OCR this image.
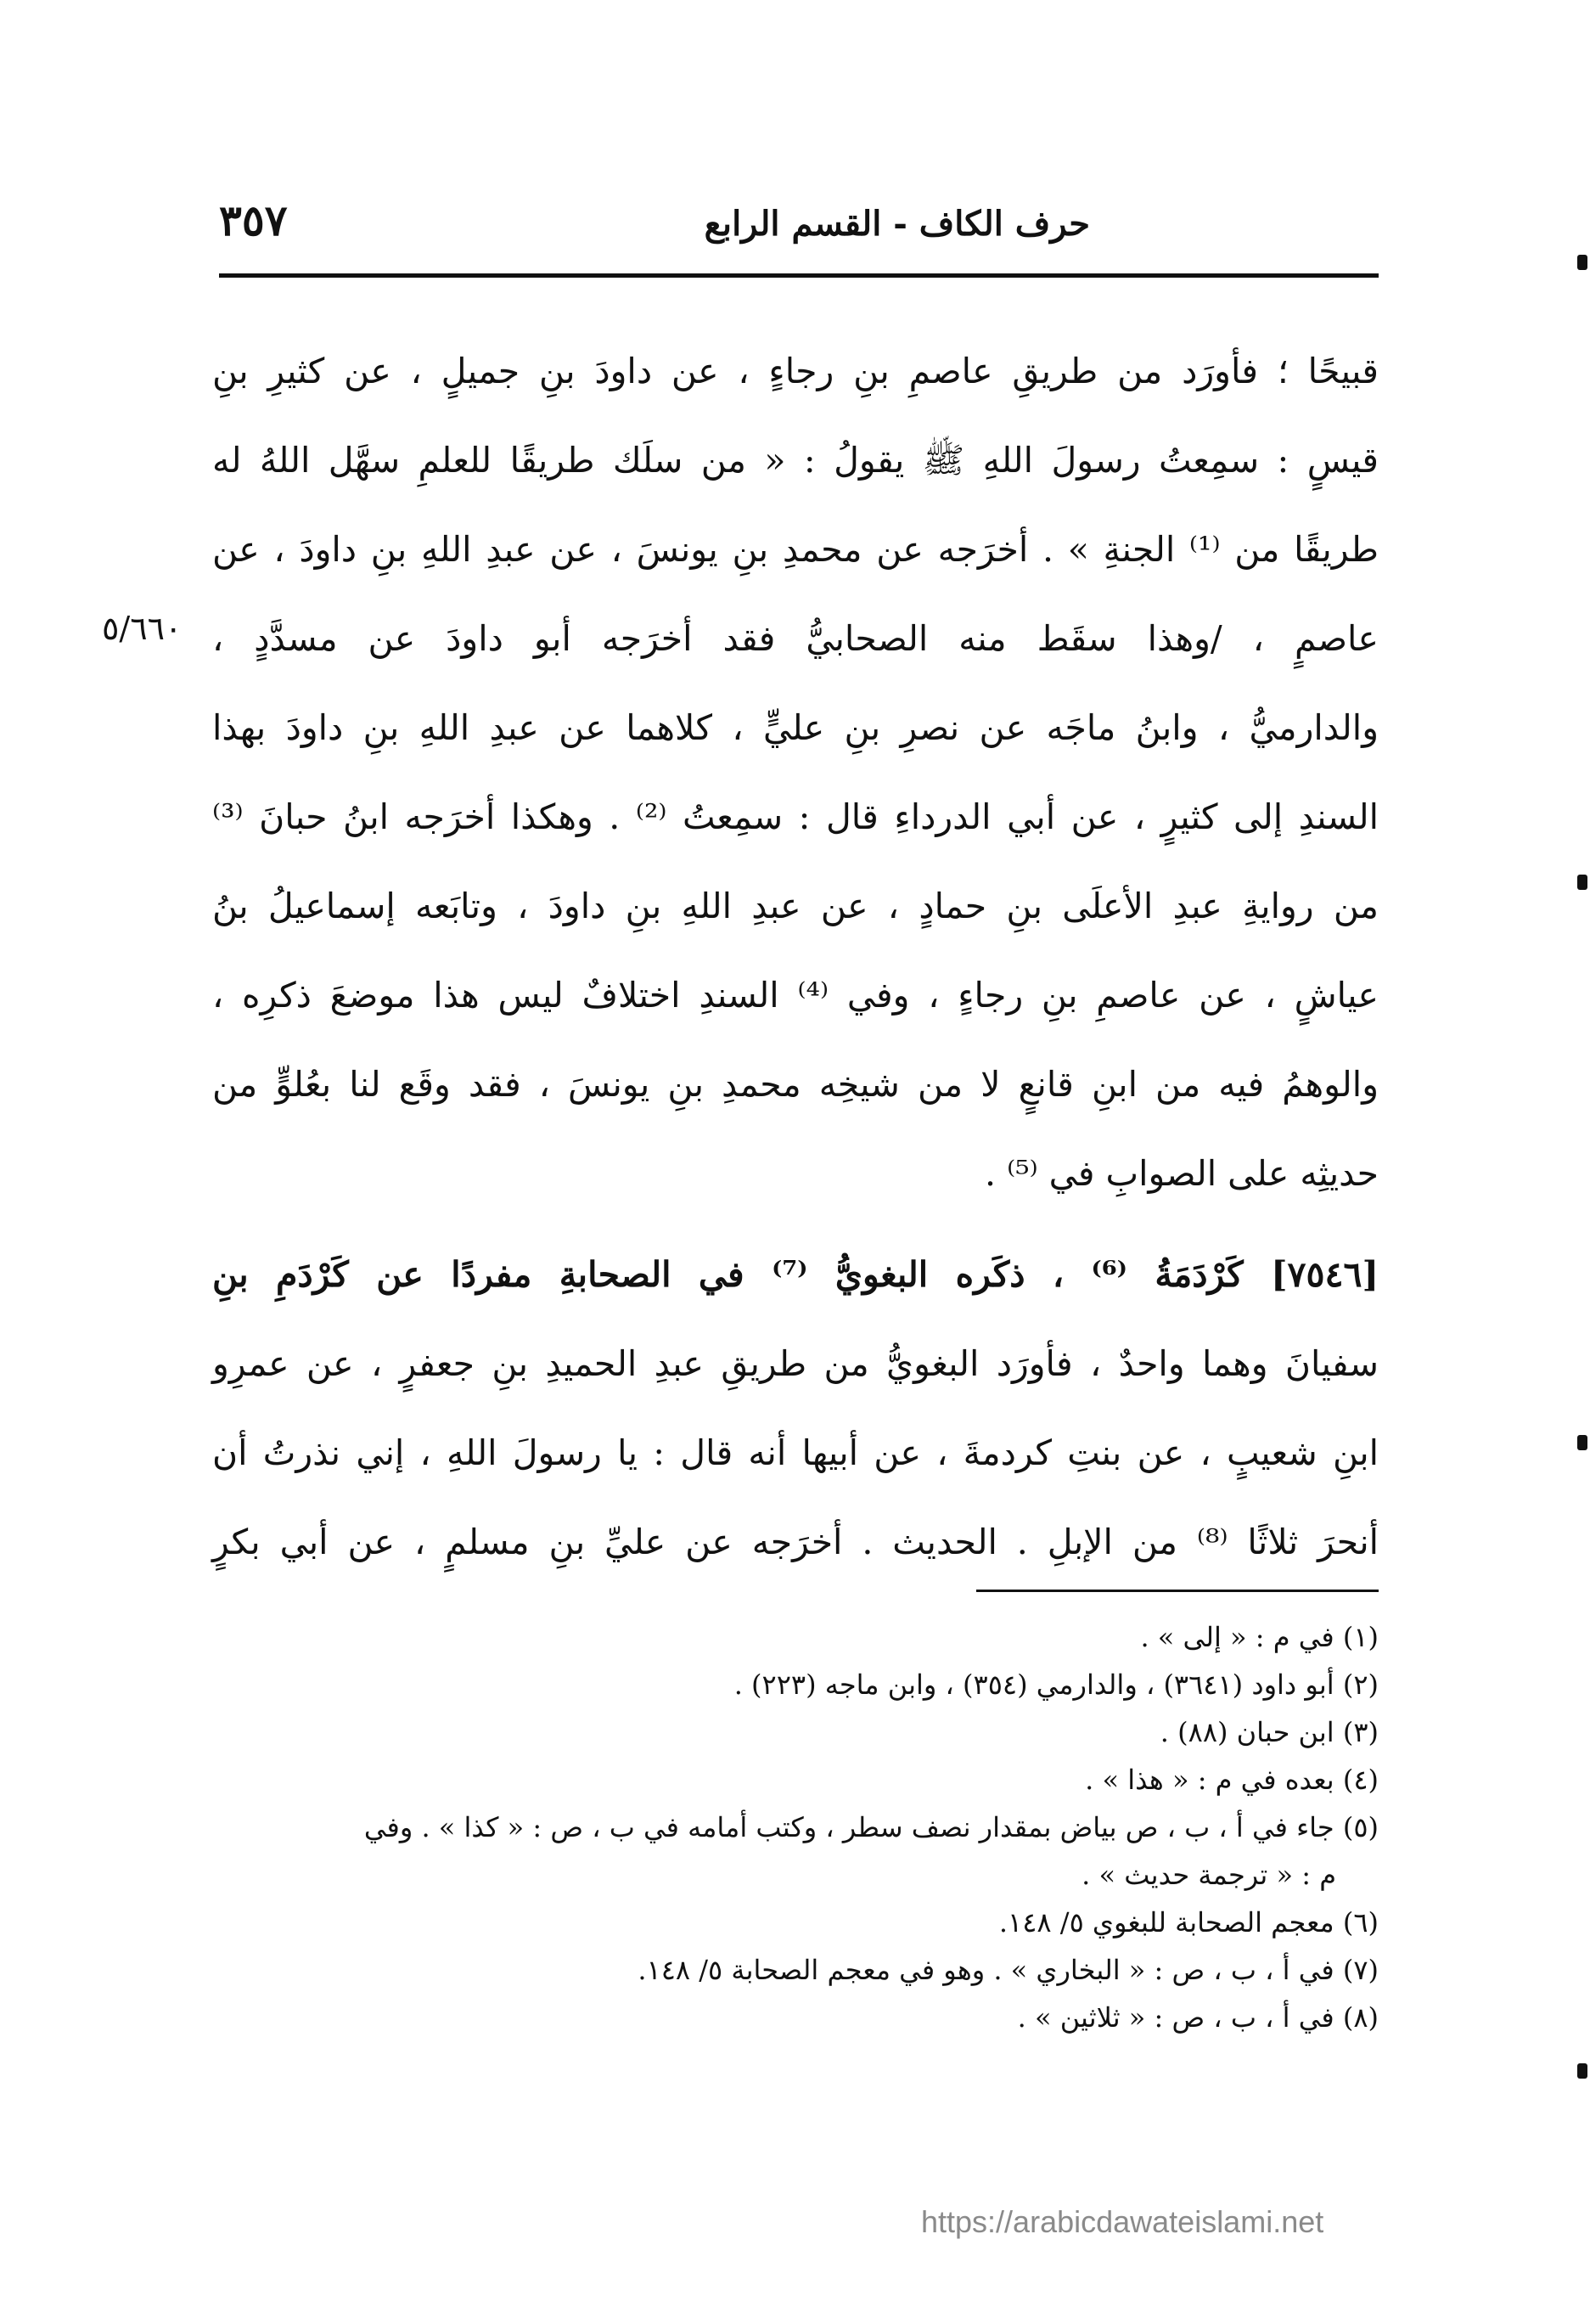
حرف الكاف - القسم الرابع
٣٥٧
٥/٦٦٠
قبيحًا ؛ فأورَد من طريقِ عاصمِ بنِ رجاءٍ ، عن داودَ بنِ جميلٍ ، عن كثيرِ بنِ
قيسٍ : سمِعتُ رسولَ اللهِ ﷺ يقولُ : « من سلَك طريقًا للعلمِ سهَّل اللهُ له
طريقًا من ⁽¹⁾ الجنةِ » . أخرَجه عن محمدِ بنِ يونسَ ، عن عبدِ اللهِ بنِ داودَ ، عن
عاصمٍ ، /وهذا سقَط منه الصحابيُّ فقد أخرَجه أبو داودَ عن مسدَّدٍ ،
والدارميُّ ، وابنُ ماجَه عن نصرِ بنِ عليٍّ ، كلاهما عن عبدِ اللهِ بنِ داودَ بهذا
السندِ إلى كثيرٍ ، عن أبي الدرداءِ قال : سمِعتُ ⁽²⁾ . وهكذا أخرَجه ابنُ حبانَ ⁽³⁾
من روايةِ عبدِ الأعلَى بنِ حمادٍ ، عن عبدِ اللهِ بنِ داودَ ، وتابَعه إسماعيلُ بنُ
عياشٍ ، عن عاصمِ بنِ رجاءٍ ، وفي ⁽⁴⁾ السندِ اختلافٌ ليس هذا موضعَ ذكرِه ،
والوهمُ فيه من ابنِ قانعٍ لا من شيخِه محمدِ بنِ يونسَ ، فقد وقَع لنا بعُلوٍّ من
حديثِه على الصوابِ في ⁽⁵⁾ .
[٧٥٤٦] كَرْدَمَةُ ⁽⁶⁾ ، ذكَره البغويُّ ⁽⁷⁾ في الصحابةِ مفردًا عن كَرْدَمِ بنِ
سفيانَ وهما واحدٌ ، فأورَد البغويُّ من طريقِ عبدِ الحميدِ بنِ جعفرٍ ، عن عمرِو
ابنِ شعيبٍ ، عن بنتِ كردمةَ ، عن أبيها أنه قال : يا رسولَ اللهِ ، إني نذرتُ أن
أنحرَ ثلاثًا ⁽⁸⁾ من الإبلِ . الحديث . أخرَجه عن عليِّ بنِ مسلمٍ ، عن أبي بكرٍ
(١) في م : « إلى » .
(٢) أبو داود (٣٦٤١) ، والدارمي (٣٥٤) ، وابن ماجه (٢٢٣) .
(٣) ابن حبان (٨٨) .
(٤) بعده في م : « هذا » .
(٥) جاء في أ ، ب ، ص بياض بمقدار نصف سطر ، وكتب أمامه في ب ، ص : « كذا » . وفي
م : « ترجمة حديث » .
(٦) معجم الصحابة للبغوي ٥/ ١٤٨.
(٧) في أ ، ب ، ص : « البخاري » . وهو في معجم الصحابة ٥/ ١٤٨.
(٨) في أ ، ب ، ص : « ثلاثين » .
https://arabicdawateislami.net
